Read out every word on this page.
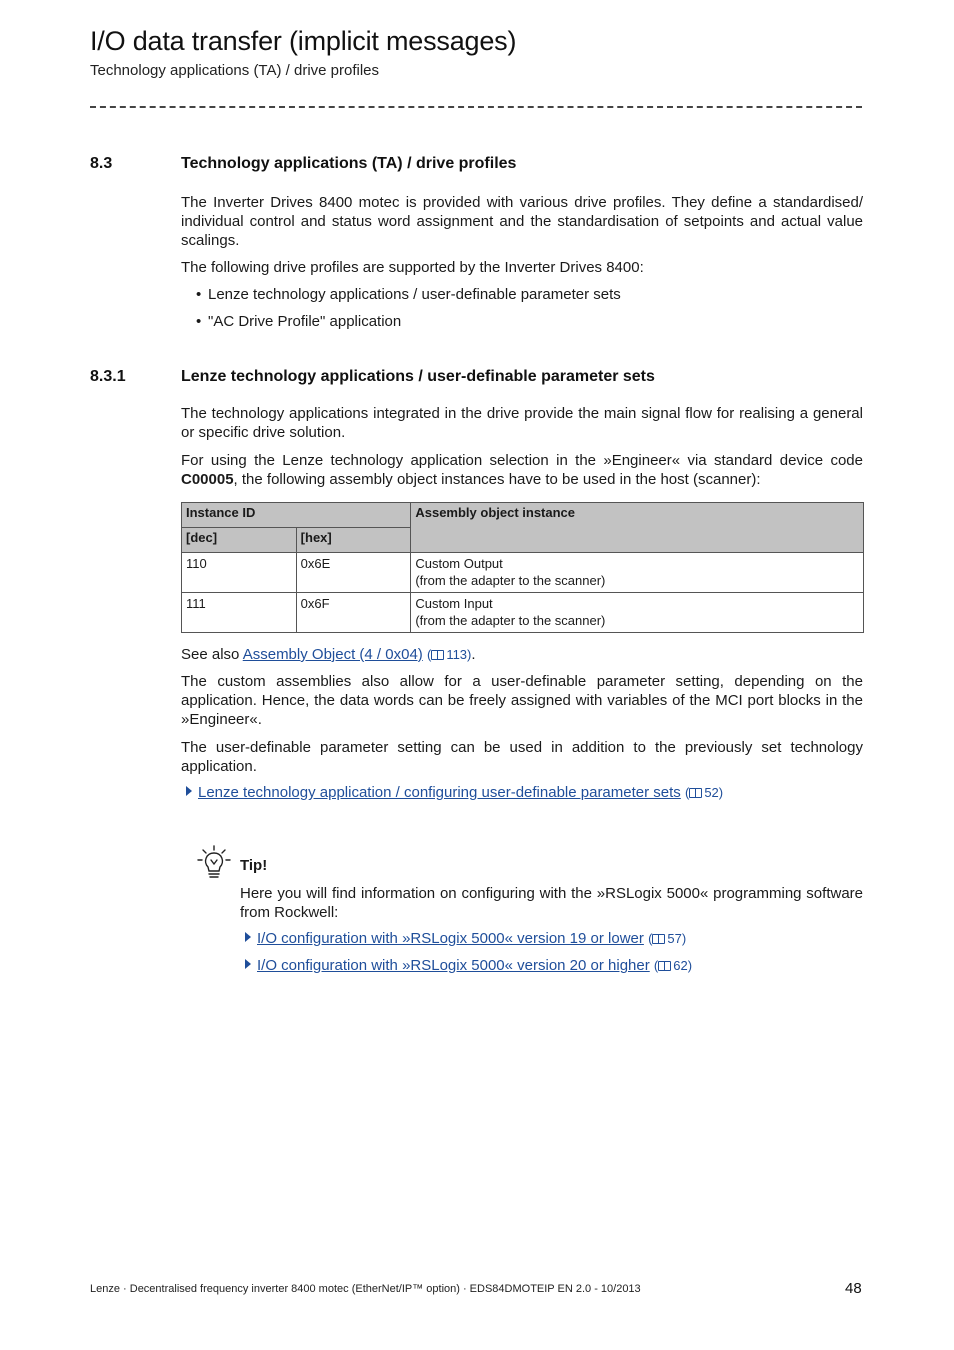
I/O data transfer (implicit messages)
Technology applications (TA) / drive profiles
8.3	Technology applications (TA) / drive profiles
The Inverter Drives 8400 motec is provided with various drive profiles. They define a standardised/ individual control and status word assignment and the standardisation of setpoints and actual value scalings.
The following drive profiles are supported by the Inverter Drives 8400:
• Lenze technology applications / user-definable parameter sets
• "AC Drive Profile" application
8.3.1	Lenze technology applications / user-definable parameter sets
The technology applications integrated in the drive provide the main signal flow for realising a general or specific drive solution.
For using the Lenze technology application selection in the »Engineer« via standard device code C00005, the following assembly object instances have to be used in the host (scanner):
Instance ID		Assembly object instance
[dec]	[hex]	
110	0x6E	Custom Output
(from the adapter to the scanner)

111	0x6F	Custom Input
(from the adapter to the scanner)
See also Assembly Object (4 / 0x04) ( 113).
The custom assemblies also allow for a user-definable parameter setting, depending on the application. Hence, the data words can be freely assigned with variables of the MCI port blocks in the »Engineer«.
The user-definable parameter setting can be used in addition to the previously set technology application.
Lenze technology application / configuring user-definable parameter sets ( 52)
Tip!
Here you will find information on configuring with the »RSLogix 5000« programming software from Rockwell:
I/O configuration with »RSLogix 5000« version 19 or lower ( 57)
I/O configuration with »RSLogix 5000« version 20 or higher ( 62)
Lenze · Decentralised frequency inverter 8400 motec (EtherNet/IP™ option) · EDS84DMOTEIP EN 2.0 - 10/2013	48
